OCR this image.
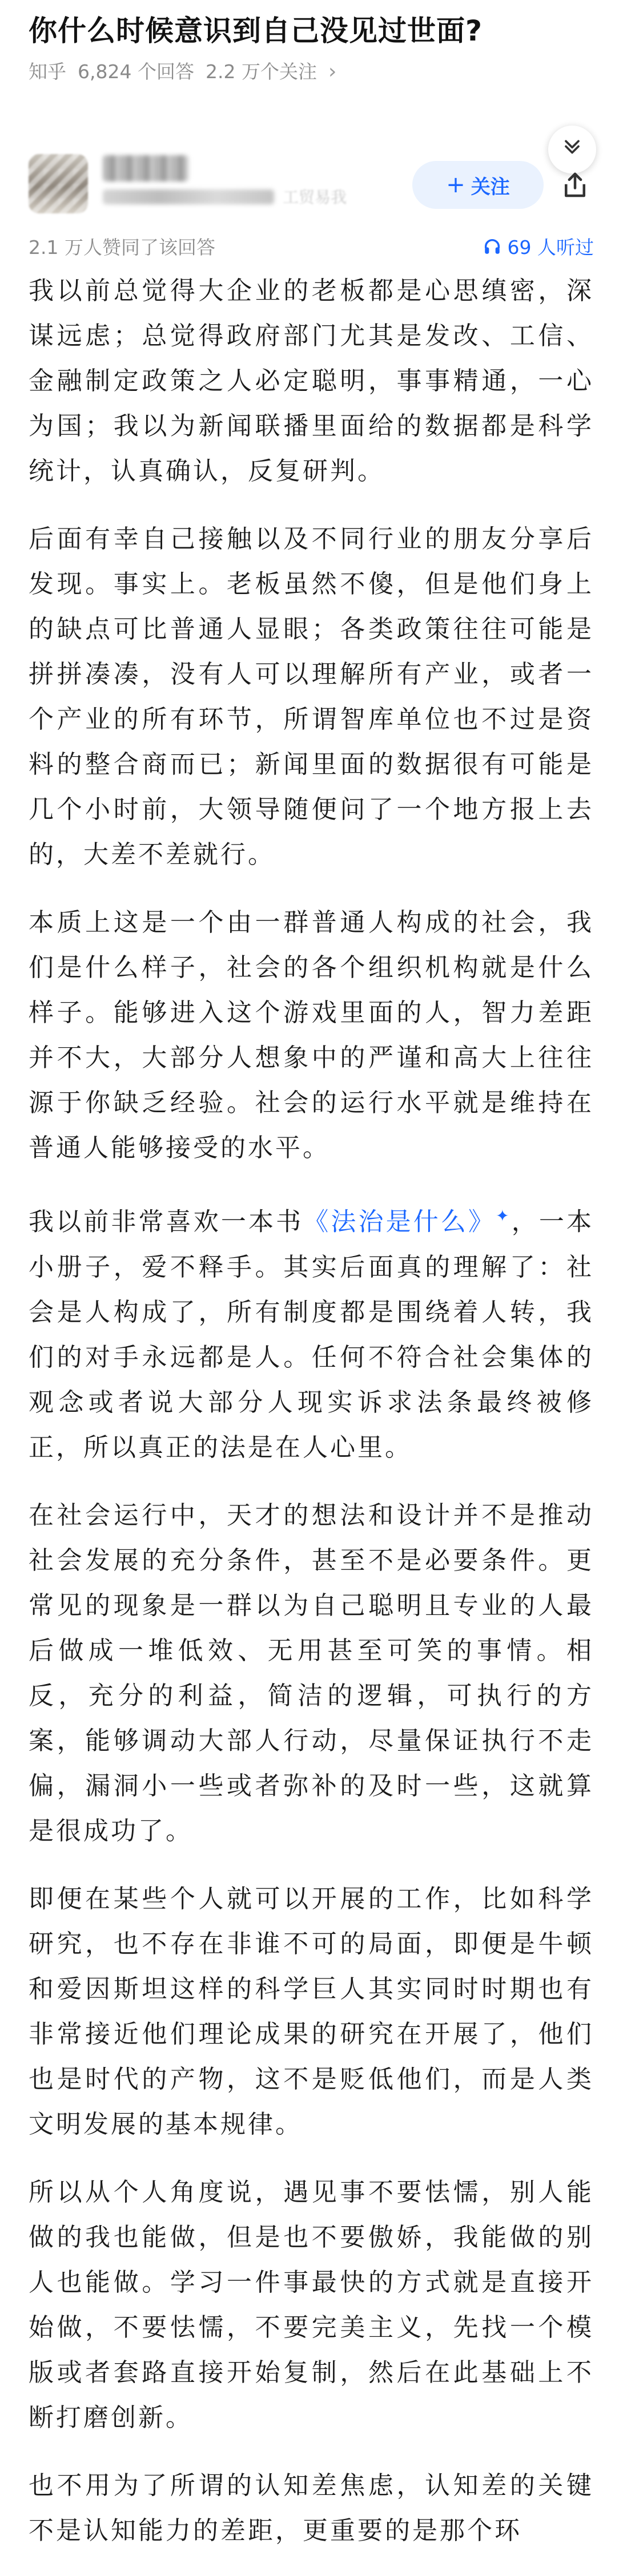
你什么时候意识到自己没见过世面?
知乎 6,824 个回答 2.2 万个关注 ›
工贸易我	+ 关注
2.1 万人赞同了该回答	69 人听过

我以前总觉得大企业的老板都是心思缜密，深谋远虑；总觉得政府部门尤其是发改、工信、金融制定政策之人必定聪明，事事精通，一心为国；我以为新闻联播里面给的数据都是科学统计，认真确认，反复研判。

后面有幸自己接触以及不同行业的朋友分享后发现。事实上。老板虽然不傻，但是他们身上的缺点可比普通人显眼；各类政策往往可能是拼拼凑凑，没有人可以理解所有产业，或者一个产业的所有环节，所谓智库单位也不过是资料的整合商而已；新闻里面的数据很有可能是几个小时前，大领导随便问了一个地方报上去的，大差不差就行。

本质上这是一个由一群普通人构成的社会，我们是什么样子，社会的各个组织机构就是什么样子。能够进入这个游戏里面的人，智力差距并不大，大部分人想象中的严谨和高大上往往源于你缺乏经验。社会的运行水平就是维持在普通人能够接受的水平。

我以前非常喜欢一本书《法治是什么》✦，一本小册子，爱不释手。其实后面真的理解了：社会是人构成了，所有制度都是围绕着人转，我们的对手永远都是人。任何不符合社会集体的观念或者说大部分人现实诉求法条最终被修正，所以真正的法是在人心里。

在社会运行中，天才的想法和设计并不是推动社会发展的充分条件，甚至不是必要条件。更常见的现象是一群以为自己聪明且专业的人最后做成一堆低效、无用甚至可笑的事情。相反，充分的利益，简洁的逻辑，可执行的方案，能够调动大部人行动，尽量保证执行不走偏，漏洞小一些或者弥补的及时一些，这就算是很成功了。

即便在某些个人就可以开展的工作，比如科学研究，也不存在非谁不可的局面，即便是牛顿和爱因斯坦这样的科学巨人其实同时时期也有非常接近他们理论成果的研究在开展了，他们也是时代的产物，这不是贬低他们，而是人类文明发展的基本规律。

所以从个人角度说，遇见事不要怯懦，别人能做的我也能做，但是也不要傲娇，我能做的别人也能做。学习一件事最快的方式就是直接开始做，不要怯懦，不要完美主义，先找一个模版或者套路直接开始复制，然后在此基础上不断打磨创新。

也不用为了所谓的认知差焦虑，认知差的关键不是认知能力的差距，更重要的是那个环
